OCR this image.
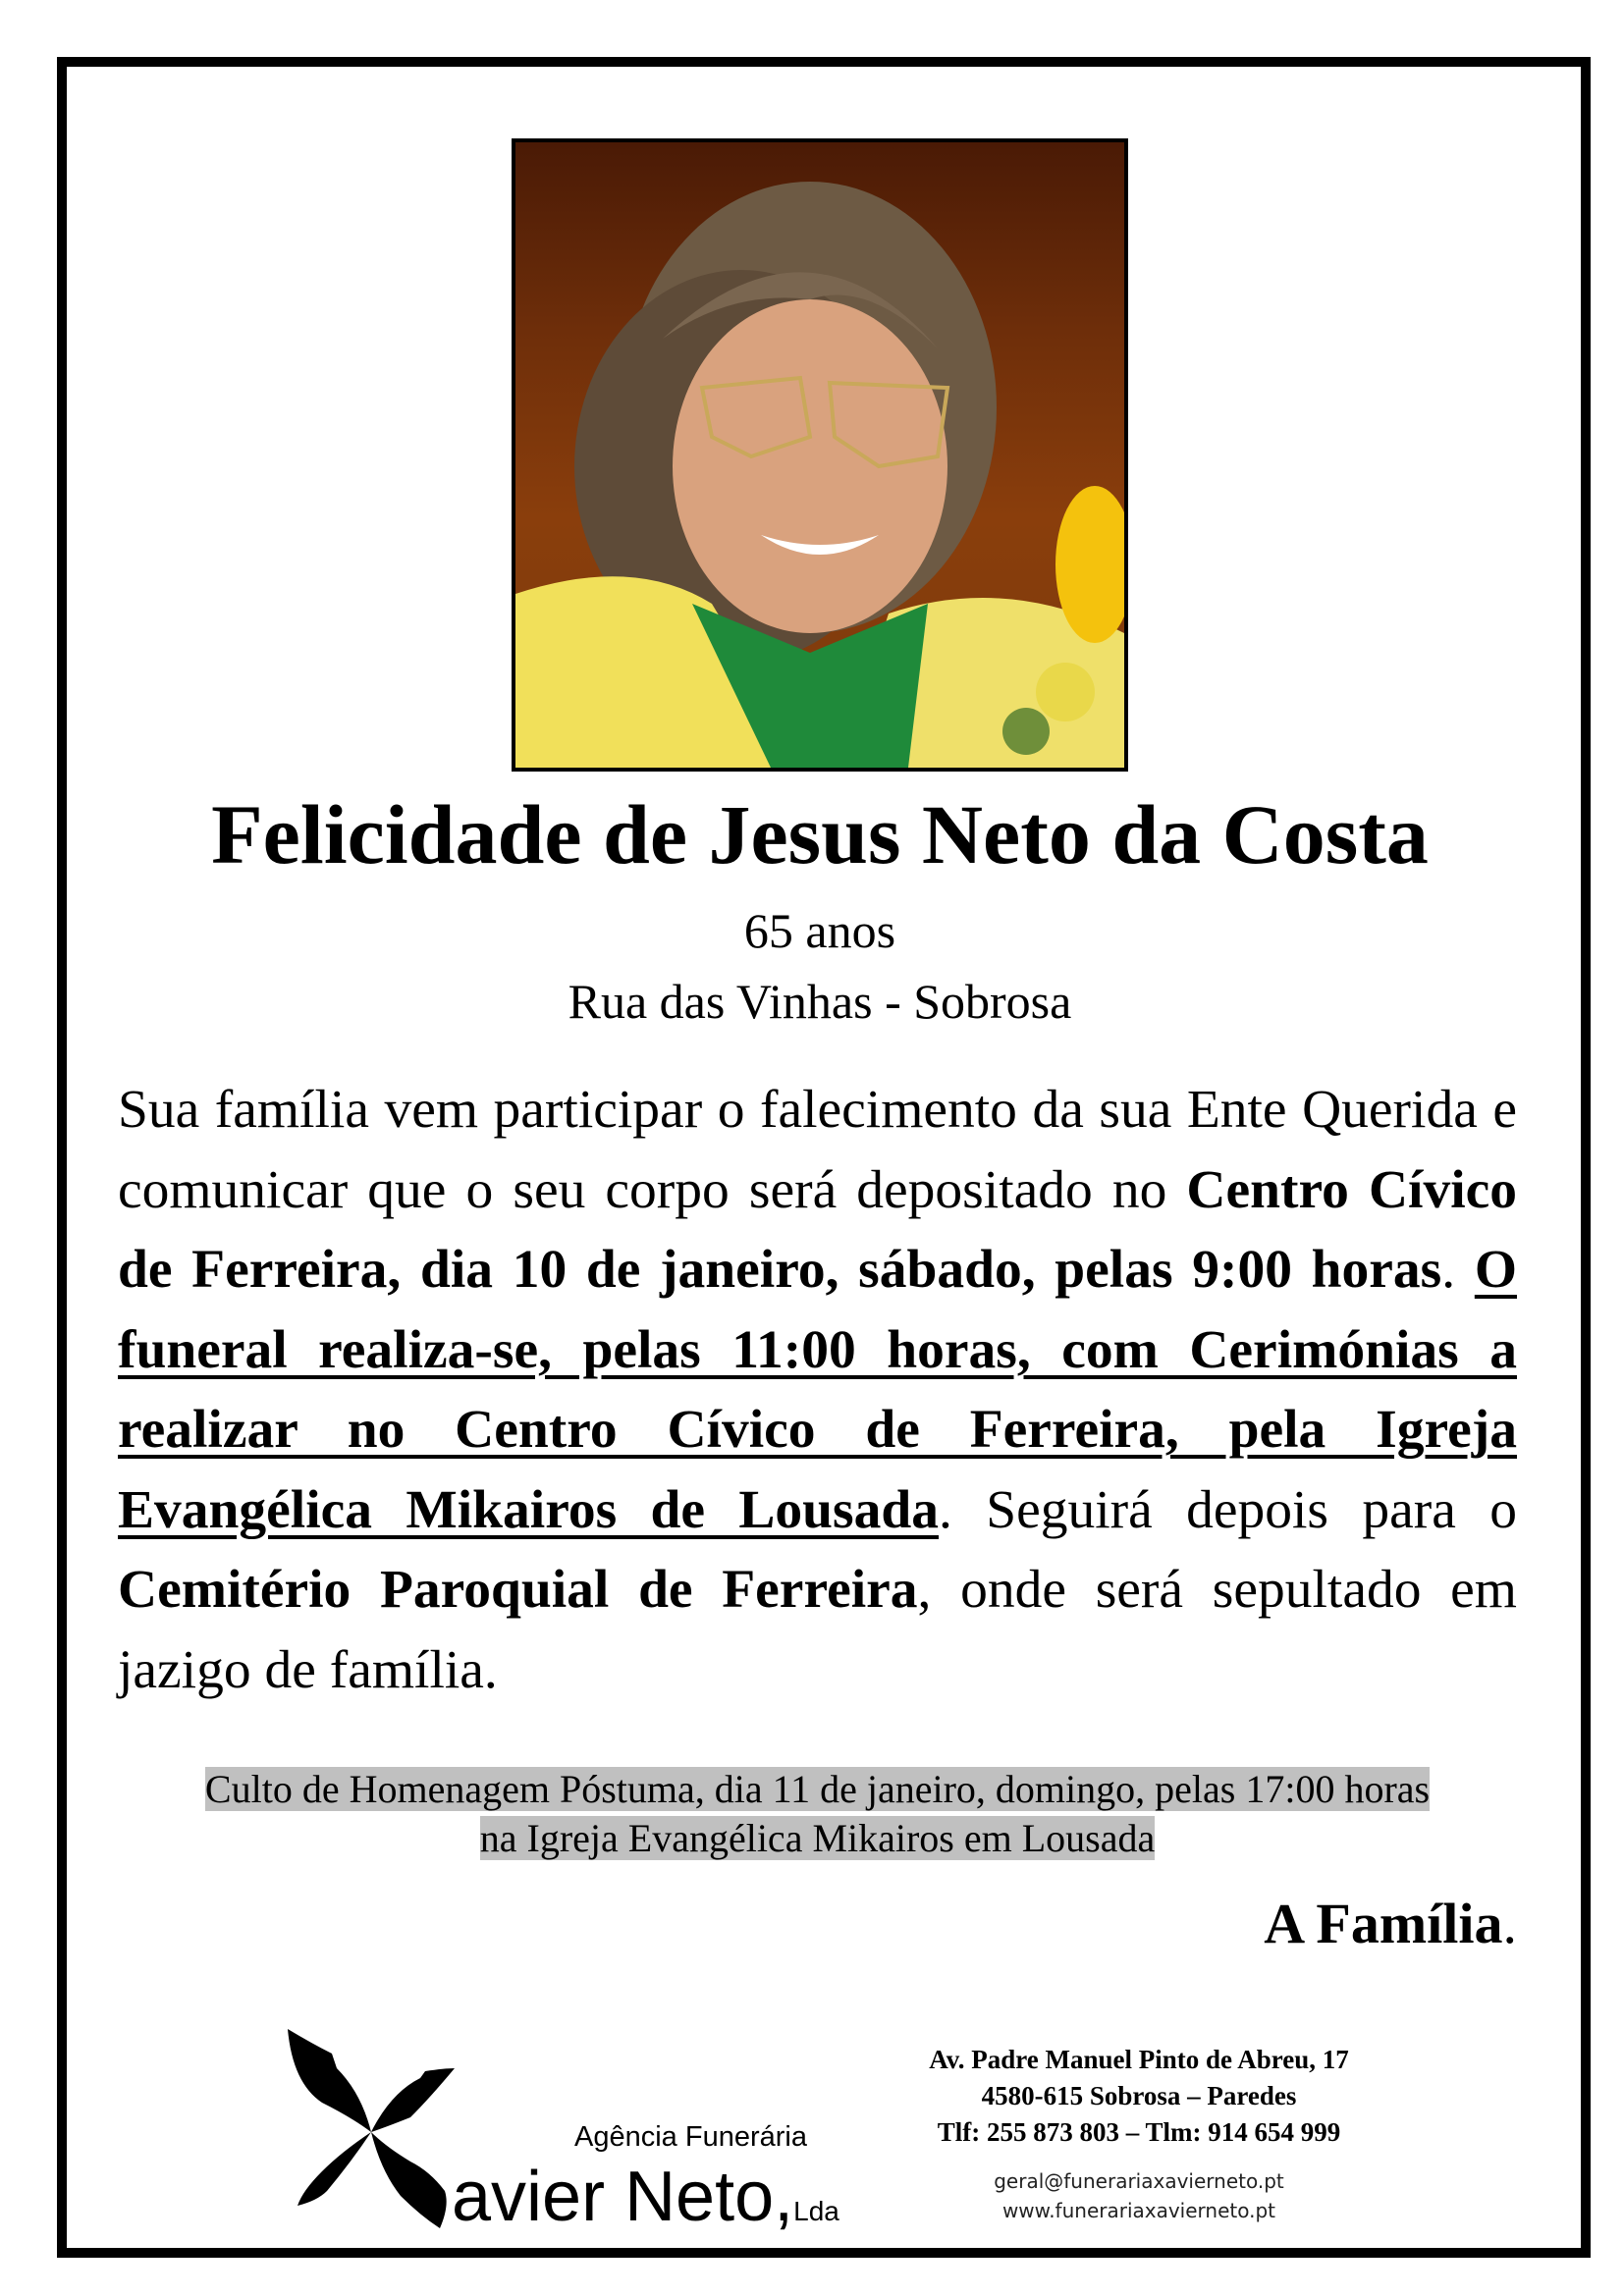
Felicidade de Jesus Neto da Costa
65 anos
Rua das Vinhas - Sobrosa
Sua família vem participar o falecimento da sua Ente Querida e comunicar que o seu corpo será depositado no Centro Cívico de Ferreira, dia 10 de janeiro, sábado, pelas 9:00 horas. O funeral realiza-se, pelas 11:00 horas, com Cerimónias a realizar no Centro Cívico de Ferreira, pela Igreja Evangélica Mikairos de Lousada. Seguirá depois para o Cemitério Paroquial de Ferreira, onde será sepultado em jazigo de família.
Culto de Homenagem Póstuma, dia 11 de janeiro, domingo, pelas 17:00 horas
na Igreja Evangélica Mikairos em Lousada
A Família.
Agência Funerária
avier Neto,Lda
Av. Padre Manuel Pinto de Abreu, 17
4580-615 Sobrosa – Paredes
Tlf: 255 873 803 – Tlm: 914 654 999
geral@funerariaxavierneto.pt
www.funerariaxavierneto.pt
